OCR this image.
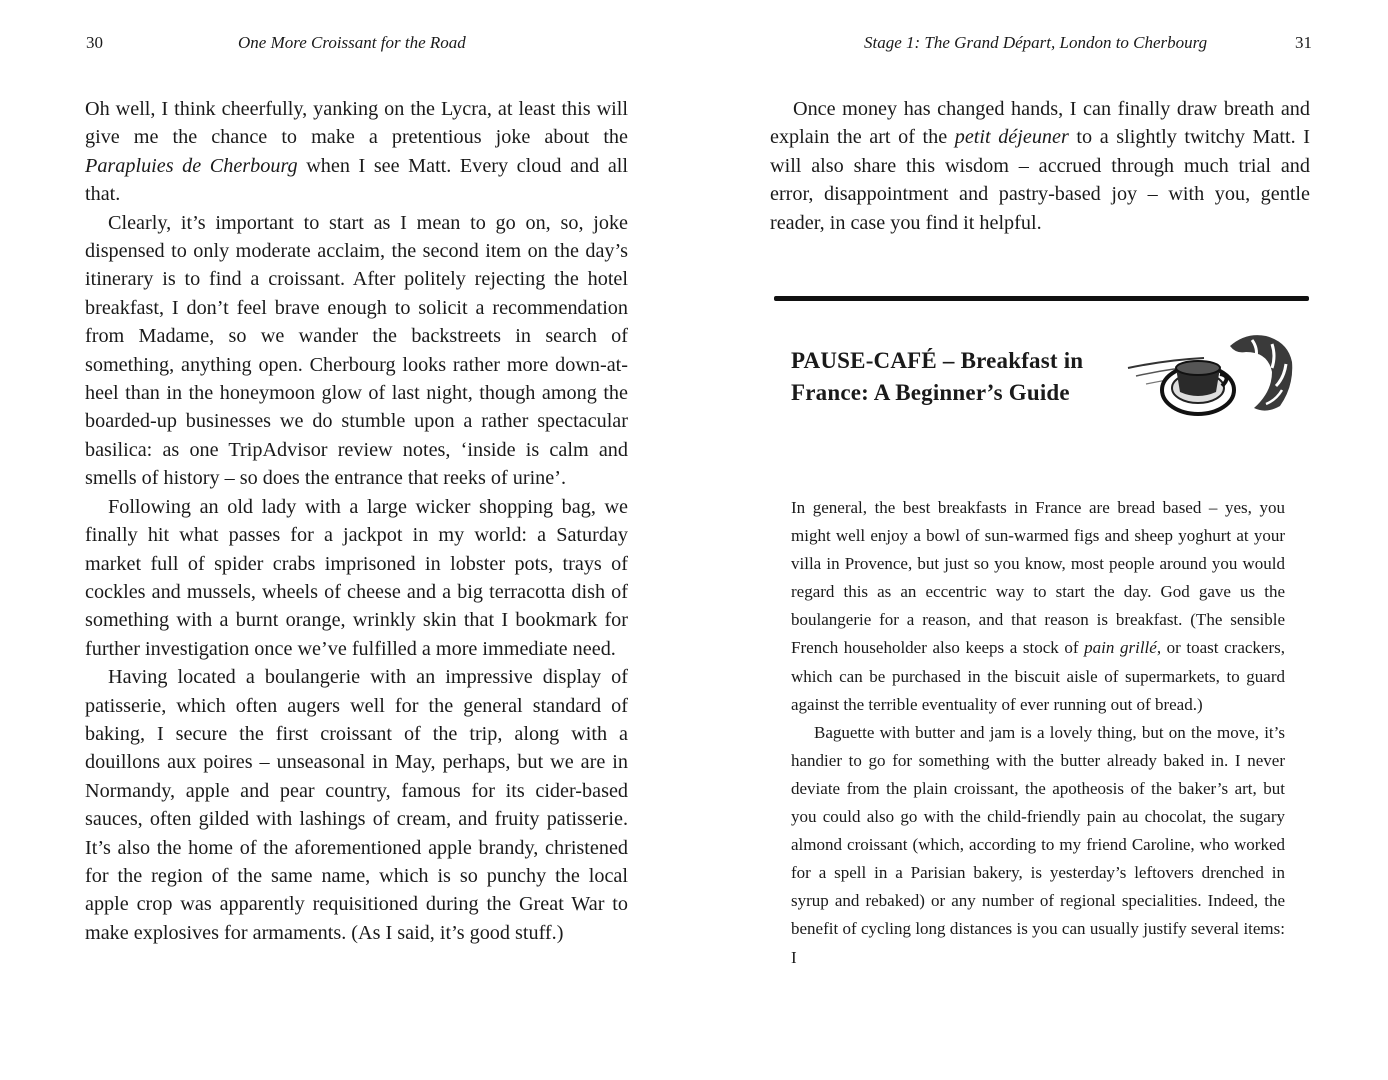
30	One More Croissant for the Road

Oh well, I think cheerfully, yanking on the Lycra, at least this will give me the chance to make a pretentious joke about the Parapluies de Cherbourg when I see Matt. Every cloud and all that.

Clearly, it’s important to start as I mean to go on, so, joke dispensed to only moderate acclaim, the second item on the day’s itinerary is to find a croissant. After politely rejecting the hotel breakfast, I don’t feel brave enough to solicit a recommendation from Madame, so we wander the backstreets in search of something, anything open. Cherbourg looks rather more down-at-heel than in the honeymoon glow of last night, though among the boarded-up businesses we do stumble upon a rather spectacular basilica: as one TripAdvisor review notes, ‘inside is calm and smells of history – so does the entrance that reeks of urine’.

Following an old lady with a large wicker shopping bag, we finally hit what passes for a jackpot in my world: a Saturday market full of spider crabs imprisoned in lobster pots, trays of cockles and mussels, wheels of cheese and a big terracotta dish of something with a burnt orange, wrinkly skin that I bookmark for further investigation once we’ve fulfilled a more immediate need.

Having located a boulangerie with an impressive display of patisserie, which often augers well for the general standard of baking, I secure the first croissant of the trip, along with a douillons aux poires – unseasonal in May, perhaps, but we are in Normandy, apple and pear country, famous for its cider-based sauces, often gilded with lashings of cream, and fruity patisserie. It’s also the home of the aforementioned apple brandy, christened for the region of the same name, which is so punchy the local apple crop was apparently requisitioned during the Great War to make explosives for armaments. (As I said, it’s good stuff.)

Stage 1: The Grand Départ, London to Cherbourg	31

Once money has changed hands, I can finally draw breath and explain the art of the petit déjeuner to a slightly twitchy Matt. I will also share this wisdom – accrued through much trial and error, disappointment and pastry-based joy – with you, gentle reader, in case you find it helpful.

PAUSE-CAFÉ – Breakfast in France: A Beginner’s Guide

In general, the best breakfasts in France are bread based – yes, you might well enjoy a bowl of sun-warmed figs and sheep yoghurt at your villa in Provence, but just so you know, most people around you would regard this as an eccentric way to start the day. God gave us the boulangerie for a reason, and that reason is breakfast. (The sensible French householder also keeps a stock of pain grillé, or toast crackers, which can be purchased in the biscuit aisle of supermarkets, to guard against the terrible eventuality of ever running out of bread.)

Baguette with butter and jam is a lovely thing, but on the move, it’s handier to go for something with the butter already baked in. I never deviate from the plain croissant, the apotheosis of the baker’s art, but you could also go with the child-friendly pain au chocolat, the sugary almond croissant (which, according to my friend Caroline, who worked for a spell in a Parisian bakery, is yesterday’s leftovers drenched in syrup and rebaked) or any number of regional specialities. Indeed, the benefit of cycling long distances is you can usually justify several items: I
